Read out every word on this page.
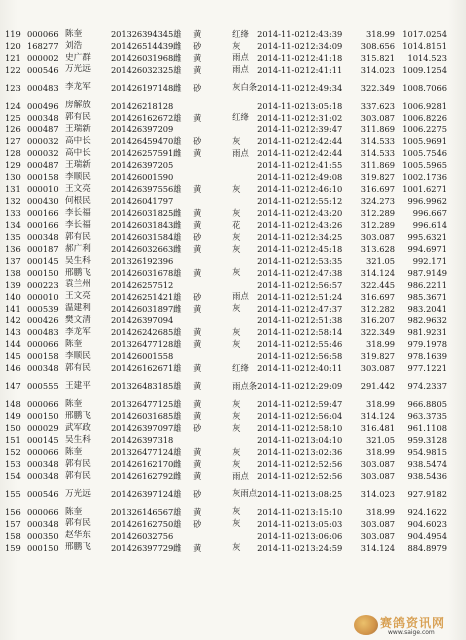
119	000066	陈奎	201326394345	雄	黄		红绛	2014-11-02	12:43:39	318.99	1017.0254
120	168277	刘浩	201426514439	雌	砂		灰	2014-11-02	12:34:09	308.656	1014.8151
121	000002	史广群	201426031968	雌	黄		雨点	2014-11-02	12:41:18	315.821	1014.523
122	000546	万光远	201426032325	雄	黄		雨点	2014-11-02	12:41:11	314.023	1009.1254
123	000483	李龙军	201426197148	雌	砂		灰白条	2014-11-02	12:49:34	322.349	1008.7066
124	000496	房解放	201426218128					2014-11-02	13:05:18	337.623	1006.9281
125	000348	郭有民	201426162672	雄	黄		红绛	2014-11-02	12:31:02	303.087	1006.8226
126	000487	王瑞新	201426397209					2014-11-02	12:39:47	311.869	1006.2275
127	000032	高中长	201426459470	雄	砂		灰	2014-11-02	12:42:44	314.533	1005.9691
128	000032	高中长	201426257591	雌	黄		雨点	2014-11-02	12:42:44	314.533	1005.7546
129	000487	王瑞新	201426397205					2014-11-02	12:41:55	311.869	1005.5965
130	000158	李顺民	201426001590					2014-11-02	12:49:08	319.827	1002.1736
131	000010	王文亮	201426397556	雄	黄		灰	2014-11-02	12:46:10	316.697	1001.6271
132	000430	何根民	201426041797					2014-11-02	12:55:12	324.273	996.9962
133	000166	李长福	201426031825	雌	黄		灰	2014-11-02	12:43:20	312.289	996.667
134	000166	李长福	201426031843	雌	黄		花	2014-11-02	12:43:26	312.289	996.614
135	000348	郭有民	201426031584	雄	砂		灰	2014-11-02	12:34:25	303.087	995.6321
136	000187	郝广利	201426032663	雌	黄		灰	2014-11-02	12:45:18	313.628	994.6971
137	000145	吴生科	201326192396					2014-11-02	12:53:35	321.05	992.171
138	000150	邢鹏飞	201426031678	雄	黄		灰	2014-11-02	12:47:38	314.124	987.9149
139	000223	袁兰州	201426257512					2014-11-02	12:56:57	322.445	986.2211
140	000010	王文亮	201426251421	雄	砂		雨点	2014-11-02	12:51:24	316.697	985.3671
141	000539	温建利	201426031897	雌	黄		灰	2014-11-02	12:47:37	312.282	983.2041
142	000426	樊文清	201426397094					2014-11-02	12:51:38	316.207	982.9632
143	000483	李龙军	201426242685	雄	黄		灰	2014-11-02	12:58:14	322.349	981.9231
144	000066	陈奎	201326477128	雄	黄		灰	2014-11-02	12:55:46	318.99	979.1978
145	000158	李顺民	201426001558					2014-11-02	12:56:58	319.827	978.1639
146	000348	郭有民	201426162671	雄	黄		红绛	2014-11-02	12:40:11	303.087	977.1221
147	000555	王建平	201326483185	雄	黄		雨点条	2014-11-02	12:29:09	291.442	974.2337
148	000066	陈奎	201326477125	雄	黄		灰	2014-11-02	12:59:47	318.99	966.8805
149	000150	邢鹏飞	201426031685	雄	黄		灰	2014-11-02	12:56:04	314.124	963.3735
150	000029	武军政	201426397097	雄	砂		灰	2014-11-02	12:58:10	316.481	961.1108
151	000145	吴生科	201426397318					2014-11-02	13:04:10	321.05	959.3128
152	000066	陈奎	201326477124	雄	黄		灰	2014-11-02	13:02:36	318.99	954.9815
153	000348	郭有民	201426162170	雌	黄		灰	2014-11-02	12:52:56	303.087	938.5474
154	000348	郭有民	201426162792	雌	黄		雨点	2014-11-02	12:52:56	303.087	938.5436
155	000546	万光远	201426397124	雄	砂		灰雨点	2014-11-02	13:08:25	314.023	927.9182
156	000066	陈奎	201326146567	雄	黄		灰	2014-11-02	13:15:10	318.99	924.1622
157	000348	郭有民	201426162750	雄	砂		灰	2014-11-02	13:05:03	303.087	904.6023
158	000350	赵华东	201426032756					2014-11-02	13:06:06	303.087	904.4954
159	000150	邢鹏飞	201426397729	雌	黄		灰	2014-11-02	13:24:59	314.124	884.8979
赛鸽资讯网
www.saige.com
